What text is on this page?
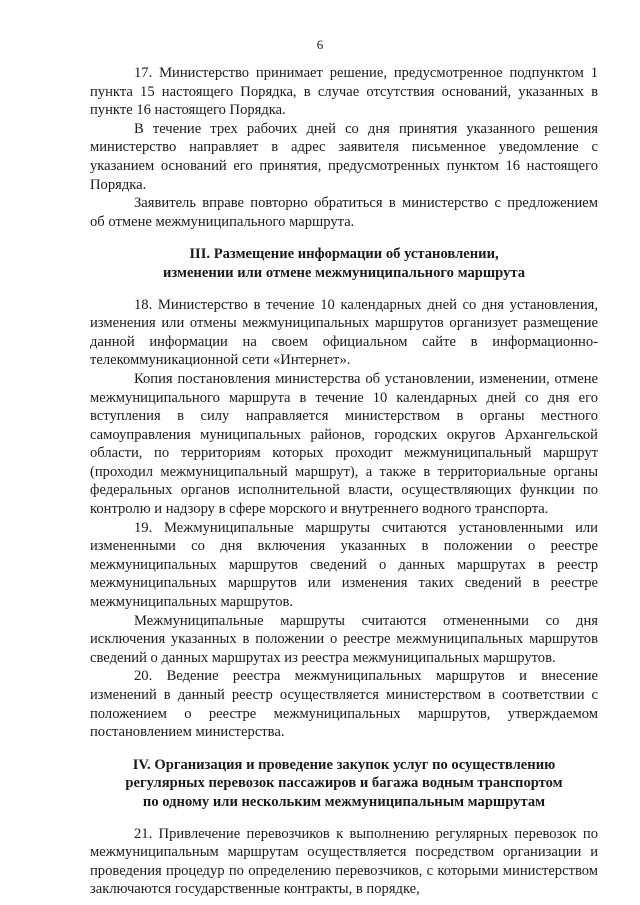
6

17. Министерство принимает решение, предусмотренное подпунктом 1 пункта 15 настоящего Порядка, в случае отсутствия оснований, указанных в пункте 16 настоящего Порядка.

В течение трех рабочих дней со дня принятия указанного решения министерство направляет в адрес заявителя письменное уведомление с указанием оснований его принятия, предусмотренных пунктом 16 настоящего Порядка.

Заявитель вправе повторно обратиться в министерство с предложением об отмене межмуниципального маршрута.

III. Размещение информации об установлении,
изменении или отмене межмуниципального маршрута

18. Министерство в течение 10 календарных дней со дня установления, изменения или отмены межмуниципальных маршрутов организует размещение данной информации на своем официальном сайте в информационно-телекоммуникационной сети «Интернет».

Копия постановления министерства об установлении, изменении, отмене межмуниципального маршрута в течение 10 календарных дней со дня его вступления в силу направляется министерством в органы местного самоуправления муниципальных районов, городских округов Архангельской области, по территориям которых проходит межмуниципальный маршрут (проходил межмуниципальный маршрут), а также в территориальные органы федеральных органов исполнительной власти, осуществляющих функции по контролю и надзору в сфере морского и внутреннего водного транспорта.

19. Межмуниципальные маршруты считаются установленными или измененными со дня включения указанных в положении о реестре межмуниципальных маршрутов сведений о данных маршрутах в реестр межмуниципальных маршрутов или изменения таких сведений в реестре межмуниципальных маршрутов.

Межмуниципальные маршруты считаются отмененными со дня исключения указанных в положении о реестре межмуниципальных маршрутов сведений о данных маршрутах из реестра межмуниципальных маршрутов.

20. Ведение реестра межмуниципальных маршрутов и внесение изменений в данный реестр осуществляется министерством в соответствии с положением о реестре межмуниципальных маршрутов, утверждаемом постановлением министерства.

IV. Организация и проведение закупок услуг по осуществлению
регулярных перевозок пассажиров и багажа водным транспортом
по одному или нескольким межмуниципальным маршрутам

21. Привлечение перевозчиков к выполнению регулярных перевозок по межмуниципальным маршрутам осуществляется посредством организации и проведения процедур по определению перевозчиков, с которыми министерством заключаются государственные контракты, в порядке,
